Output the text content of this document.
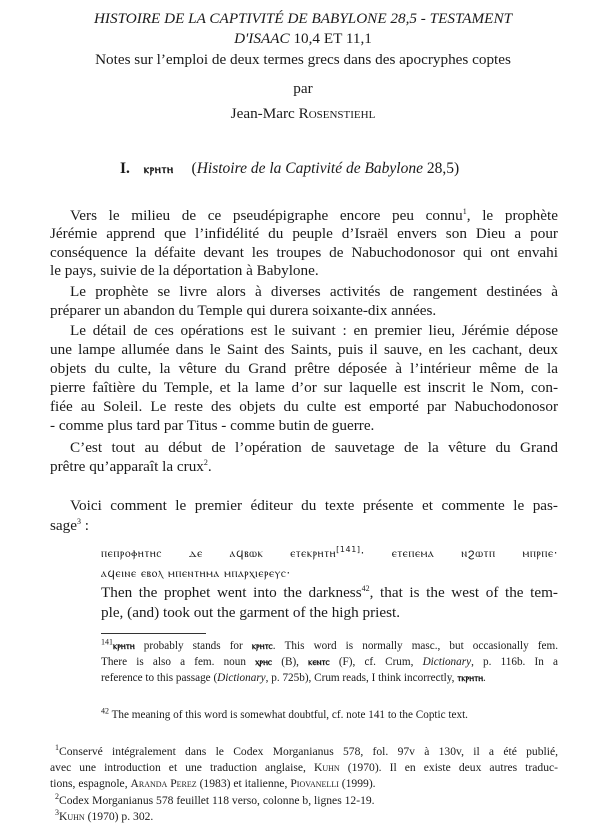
HISTOIRE DE LA CAPTIVITÉ DE BABYLONE 28,5 - TESTAMENT
D'ISAAC 10,4 ET 11,1
Notes sur l’emploi de deux termes grecs dans des apocryphes coptes
par
Jean-Marc Rosenstiehl
I. ⲕⲣⲏⲧⲏ (Histoire de la Captivité de Babylone 28,5)
Vers le milieu de ce pseudépigraphe encore peu connu$^1$, le prophète
Jérémie apprend que l’infidélité du peuple d’Israël envers son Dieu a pour
conséquence la défaite devant les troupes de Nabuchodonosor qui ont envahi
le pays, suivie de la déportation à Babylone.
Le prophète se livre alors à diverses activités de rangement destinées à
préparer un abandon du Temple qui durera soixante-dix années.
Le détail de ces opérations est le suivant : en premier lieu, Jérémie dépose
une lampe allumée dans le Saint des Saints, puis il sauve, en les cachant, deux
objets du culte, la vêture du Grand prêtre déposée à l’intérieur même de la
pierre faîtière du Temple, et la lame d’or sur laquelle est inscrit le Nom, con-
fiée au Soleil. Le reste des objets du culte est emporté par Nabuchodonosor
- comme plus tard par Titus - comme butin de guerre.
C’est tout au début de l’opération de sauvetage de la vêture du Grand
prêtre qu’apparaît la crux$^2$.
Voici comment le premier éditeur du texte présente et commente le pas-
sage$^3$ :
ⲡⲉⲡⲣⲟⲫⲏⲧⲏⲥ ⲇⲉ ⲁϥⲃⲱⲕ ⲉⲧⲉⲕⲣⲏⲧⲏ[141]· ⲉⲧⲉⲡⲉⲙⲁ ⲛϩⲱⲧⲡ ⲙⲡⲣⲡⲉ·
ⲁϥⲉⲓⲛⲉ ⲉⲃⲟⲗ ⲙⲡⲉⲛⲧⲏⲙⲁ ⲙⲡⲁⲣⲭⲓⲉⲣⲉⲩⲥ·
Then the prophet went into the darkness$^{42}$, that is the west of the tem-
ple, (and) took out the garment of the high priest.
$^{141}$ⲕⲣⲏⲧⲏ probably stands for ⲕⲣⲏⲧⲥ. This word is normally masc., but occasionally fem.
There is also a fem. noun ⲭⲣⲏⲥ (B), ⲕⲉⲛⲧⲥ (F), cf. Crum, Dictionary, p. 116b. In a
reference to this passage (Dictionary, p. 725b), Crum reads, I think incorrectly, ⲧⲕⲣⲏⲧⲏ.
$^{42}$ The meaning of this word is somewhat doubtful, cf. note 141 to the Coptic text.
$^1$Conservé intégralement dans le Codex Morganianus 578, fol. 97v à 130v, il a été publié,
avec une introduction et une traduction anglaise, Kuhn (1970). Il en existe deux autres traduc-
tions, espagnole, Aranda Perez (1983) et italienne, Piovanelli (1999).
$^2$Codex Morganianus 578 feuillet 118 verso, colonne b, lignes 12-19.
$^3$Kuhn (1970) p. 302.
